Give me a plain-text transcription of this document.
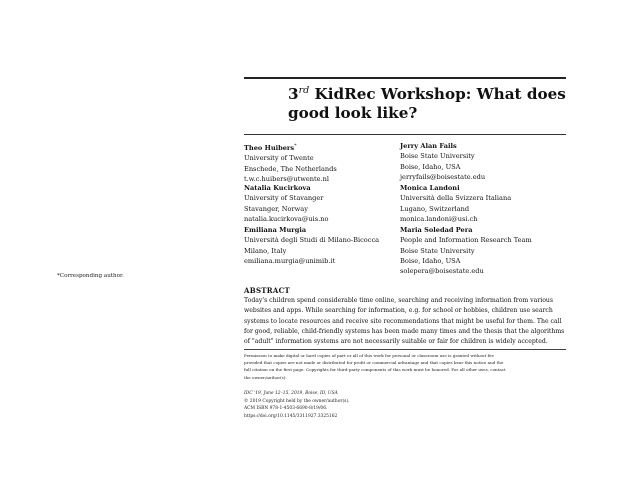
3rd KidRec Workshop: What does
good look like?
Theo Huibers*
University of Twente
Enschede, The Netherlands
t.w.c.huibers@utwente.nl
Jerry Alan Fails
Boise State University
Boise, Idaho, USA
jerryfails@boisestate.edu
Natalia Kucirkova
University of Stavanger
Stavanger, Norway
natalia.kucirkova@uis.no
Monica Landoni
Università della Svizzera Italiana
Lugano, Switzerland
monica.landoni@usi.ch
Emiliana Murgia
Università degli Studi di Milano-Bicocca
Milano, Italy
emiliana.murgia@unimib.it
Maria Soledad Pera
People and Information Research Team
Boise State University
Boise, Idaho, USA
solepera@boisestate.edu
*Corresponding author.
ABSTRACT
Today's children spend considerable time online, searching and receiving information from various
websites and apps. While searching for information, e.g. for school or hobbies, children use search
systems to locate resources and receive site recommendations that might be useful for them. The call
for good, reliable, child-friendly systems has been made many times and the thesis that the algorithms
of "adult" information systems are not necessarily suitable or fair for children is widely accepted.
Permission to make digital or hard copies of part or all of this work for personal or classroom use is granted without fee
provided that copies are not made or distributed for profit or commercial advantage and that copies bear this notice and the
full citation on the first page. Copyrights for third-party components of this work must be honored. For all other uses, contact
the owner/author(s).
IDC '19, June 12–15, 2019, Boise, ID, USA
© 2019 Copyright held by the owner/author(s).
ACM ISBN 978-1-4503-6690-8/19/06.
https://doi.org/10.1145/3311927.3325162
